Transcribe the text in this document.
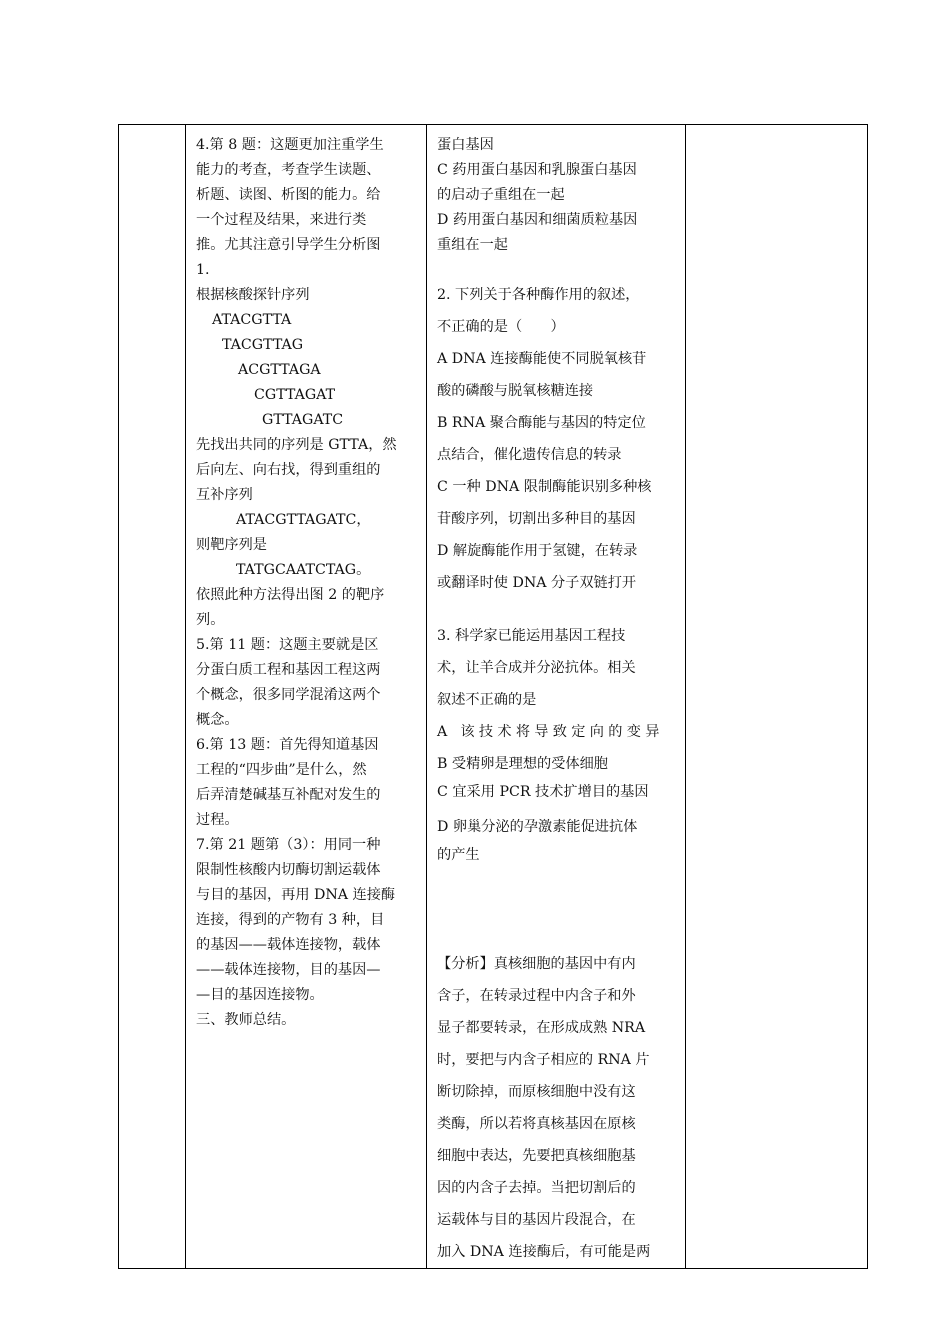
4.第 8 题：这题更加注重学生
能力的考查，考查学生读题、
析题、读图、析图的能力。给
一个过程及结果，来进行类
推。尤其注意引导学生分析图
1.
根据核酸探针序列
ATACGTTA
TACGTTAG
ACGTTAGA
CGTTAGAT
GTTAGATC
先找出共同的序列是 GTTA，然
后向左、向右找，得到重组的
互补序列
ATACGTTAGATC，
则靶序列是
TATGCAATCTAG。
依照此种方法得出图 2 的靶序
列。
5.第 11 题：这题主要就是区
分蛋白质工程和基因工程这两
个概念，很多同学混淆这两个
概念。
6.第 13 题：首先得知道基因
工程的“四步曲”是什么，然
后弄清楚碱基互补配对发生的
过程。
7.第 21 题第（3）：用同一种
限制性核酸内切酶切割运载体
与目的基因，再用 DNA 连接酶
连接，得到的产物有 3 种，目
的基因——载体连接物，载体
——载体连接物，目的基因—
—目的基因连接物。
三、教师总结。

蛋白基因
C 药用蛋白基因和乳腺蛋白基因
的启动子重组在一起
D 药用蛋白基因和细菌质粒基因
重组在一起
2. 下列关于各种酶作用的叙述，
不正确的是（　　）
A DNA 连接酶能使不同脱氧核苷
酸的磷酸与脱氧核糖连接
B RNA 聚合酶能与基因的特定位
点结合，催化遗传信息的转录
C 一种 DNA 限制酶能识别多种核
苷酸序列，切割出多种目的基因
D 解旋酶能作用于氢键，在转录
或翻译时使 DNA 分子双链打开
3. 科学家已能运用基因工程技
术，让羊合成并分泌抗体。相关
叙述不正确的是
A 该技术将导致定向的变异
B 受精卵是理想的受体细胞
C 宜采用 PCR 技术扩增目的基因
D 卵巢分泌的孕激素能促进抗体
的产生
【分析】真核细胞的基因中有内
含子，在转录过程中内含子和外
显子都要转录，在形成成熟 NRA
时，要把与内含子相应的 RNA 片
断切除掉，而原核细胞中没有这
类酶，所以若将真核基因在原核
细胞中表达，先要把真核细胞基
因的内含子去掉。当把切割后的
运载体与目的基因片段混合，在
加入 DNA 连接酶后，有可能是两
